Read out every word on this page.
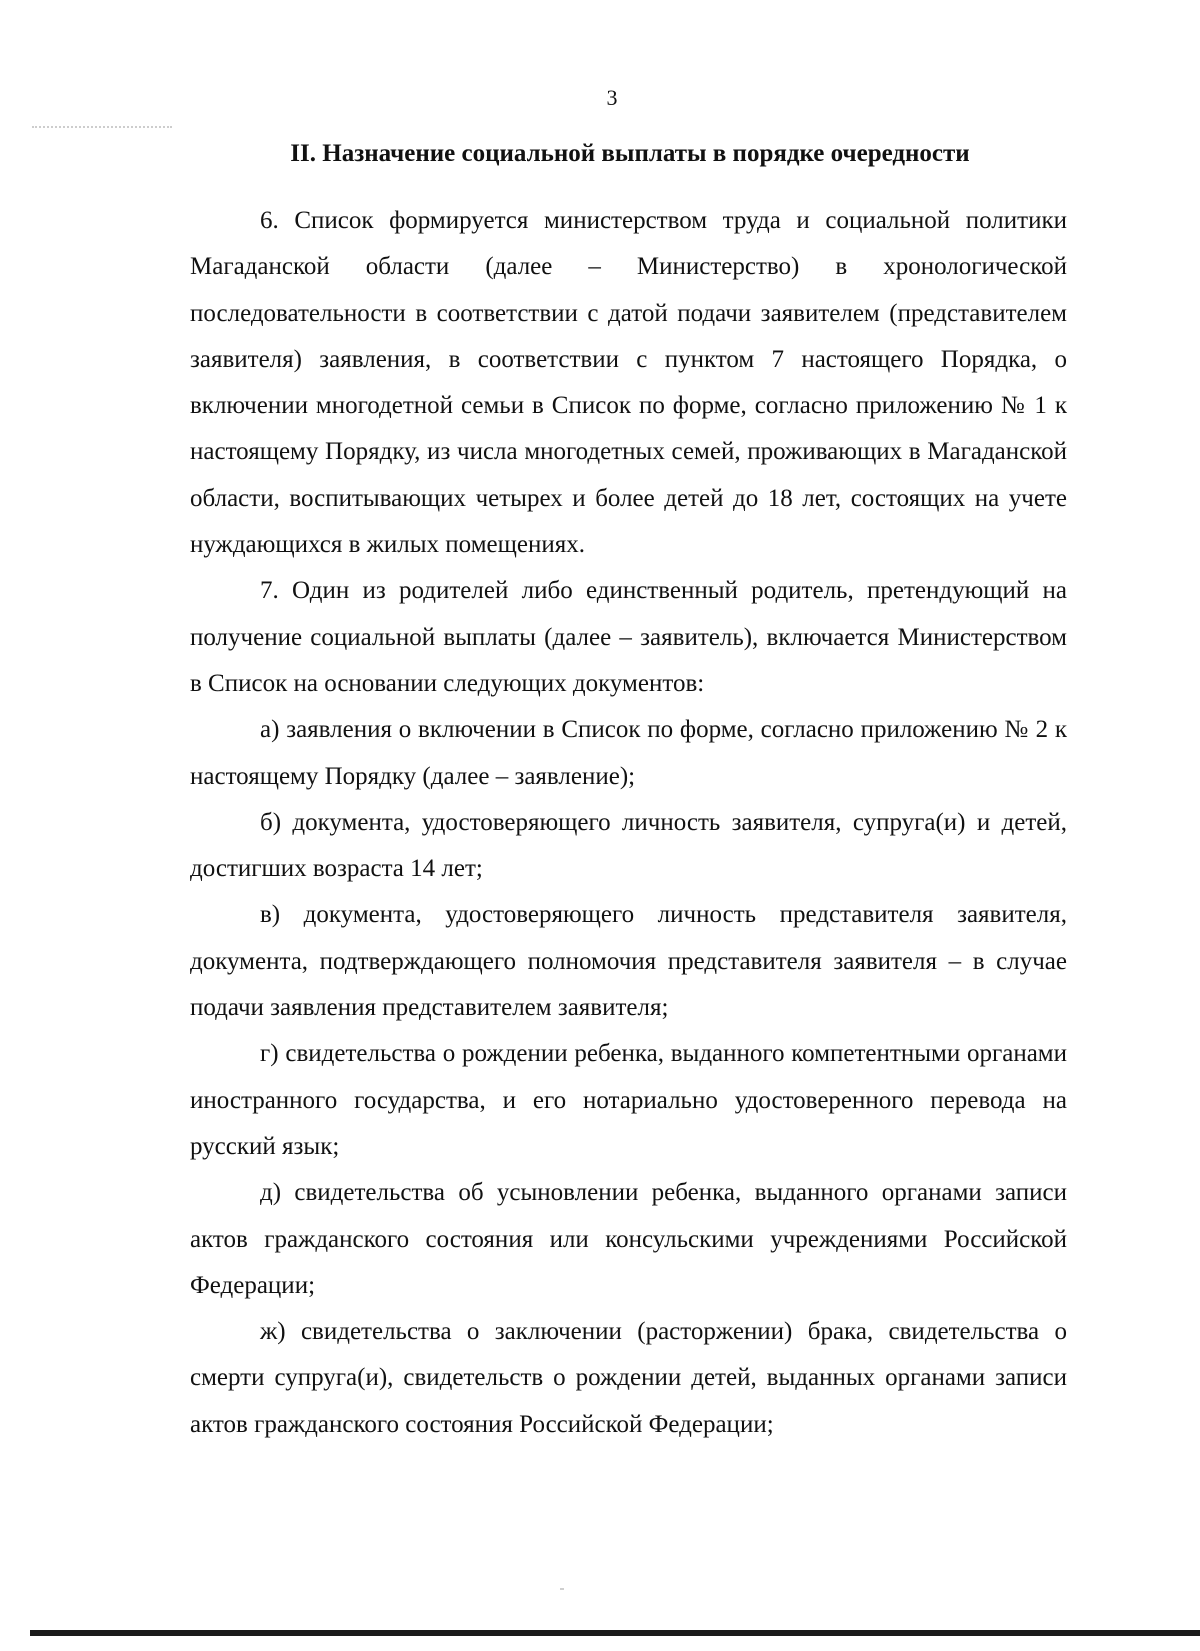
3
II. Назначение социальной выплаты в порядке очередности

6. Список формируется министерством труда и социальной политики Магаданской области (далее – Министерство) в хронологической последовательности в соответствии с датой подачи заявителем (представителем заявителя) заявления, в соответствии с пунктом 7 настоящего Порядка, о включении многодетной семьи в Список по форме, согласно приложению № 1 к настоящему Порядку, из числа многодетных семей, проживающих в Магаданской области, воспитывающих четырех и более детей до 18 лет, состоящих на учете нуждающихся в жилых помещениях.

7. Один из родителей либо единственный родитель, претендующий на получение социальной выплаты (далее – заявитель), включается Министерством в Список на основании следующих документов:

а) заявления о включении в Список по форме, согласно приложению № 2 к настоящему Порядку (далее – заявление);

б) документа, удостоверяющего личность заявителя, супруга(и) и детей, достигших возраста 14 лет;

в) документа, удостоверяющего личность представителя заявителя, документа, подтверждающего полномочия представителя заявителя – в случае подачи заявления представителем заявителя;

г) свидетельства о рождении ребенка, выданного компетентными органами иностранного государства, и его нотариально удостоверенного перевода на русский язык;

д) свидетельства об усыновлении ребенка, выданного органами записи актов гражданского состояния или консульскими учреждениями Российской Федерации;

ж) свидетельства о заключении (расторжении) брака, свидетельства о смерти супруга(и), свидетельств о рождении детей, выданных органами записи актов гражданского состояния Российской Федерации;
